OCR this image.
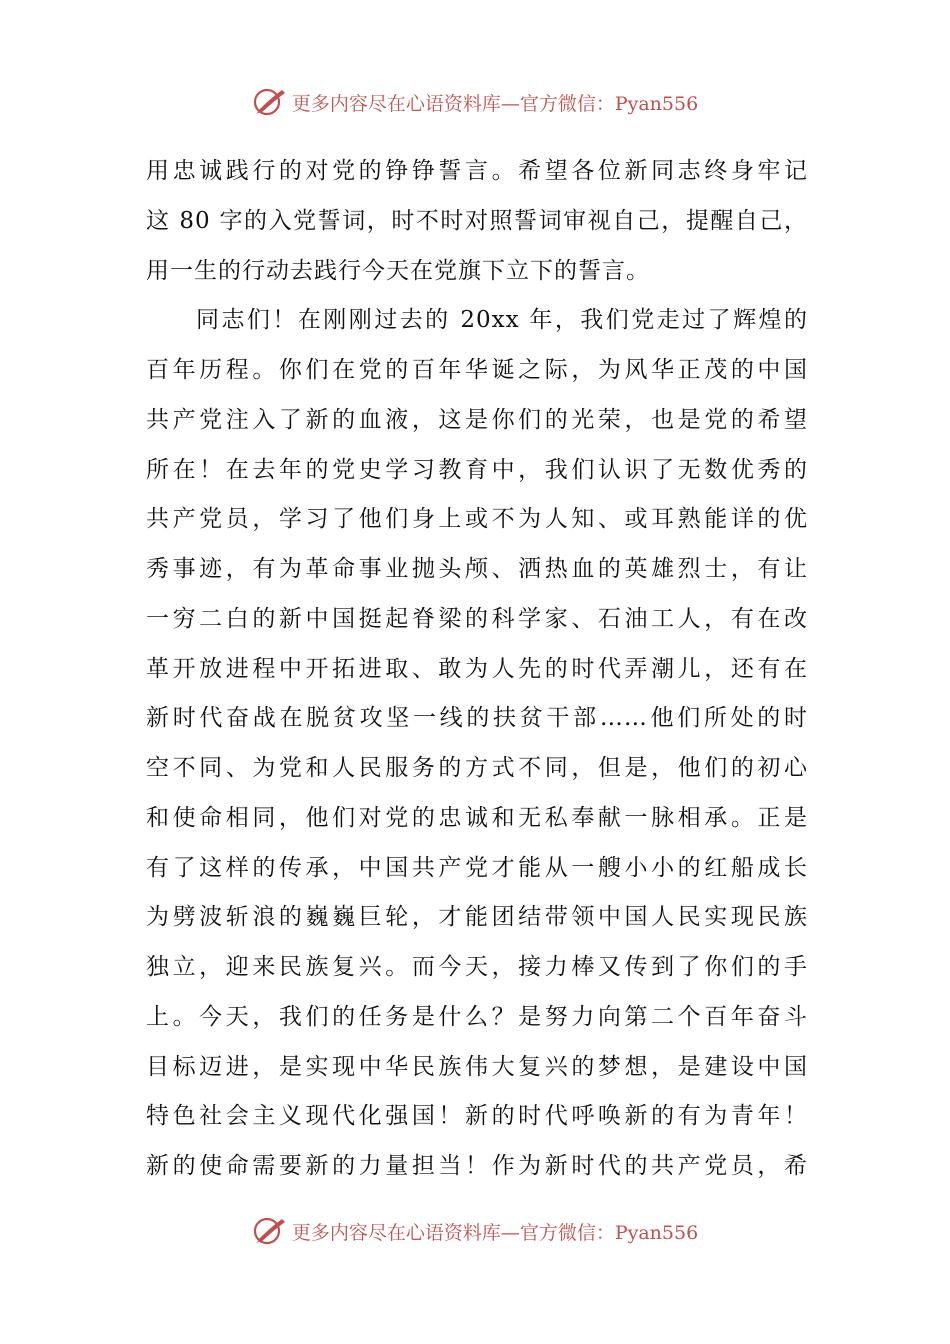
更多内容尽在心语资料库—官方微信：Pyan556
用忠诚践行的对党的铮铮誓言。希望各位新同志终身牢记
这 80 字的入党誓词，时不时对照誓词审视自己，提醒自己，
用一生的行动去践行今天在党旗下立下的誓言。
同志们！在刚刚过去的 20xx 年，我们党走过了辉煌的
百年历程。你们在党的百年华诞之际，为风华正茂的中国
共产党注入了新的血液，这是你们的光荣，也是党的希望
所在！在去年的党史学习教育中，我们认识了无数优秀的
共产党员，学习了他们身上或不为人知、或耳熟能详的优
秀事迹，有为革命事业抛头颅、洒热血的英雄烈士，有让
一穷二白的新中国挺起脊梁的科学家、石油工人，有在改
革开放进程中开拓进取、敢为人先的时代弄潮儿，还有在
新时代奋战在脱贫攻坚一线的扶贫干部……他们所处的时
空不同、为党和人民服务的方式不同，但是，他们的初心
和使命相同，他们对党的忠诚和无私奉献一脉相承。正是
有了这样的传承，中国共产党才能从一艘小小的红船成长
为劈波斩浪的巍巍巨轮，才能团结带领中国人民实现民族
独立，迎来民族复兴。而今天，接力棒又传到了你们的手
上。今天，我们的任务是什么？是努力向第二个百年奋斗
目标迈进，是实现中华民族伟大复兴的梦想，是建设中国
特色社会主义现代化强国！新的时代呼唤新的有为青年！
新的使命需要新的力量担当！作为新时代的共产党员，希
更多内容尽在心语资料库—官方微信：Pyan556
